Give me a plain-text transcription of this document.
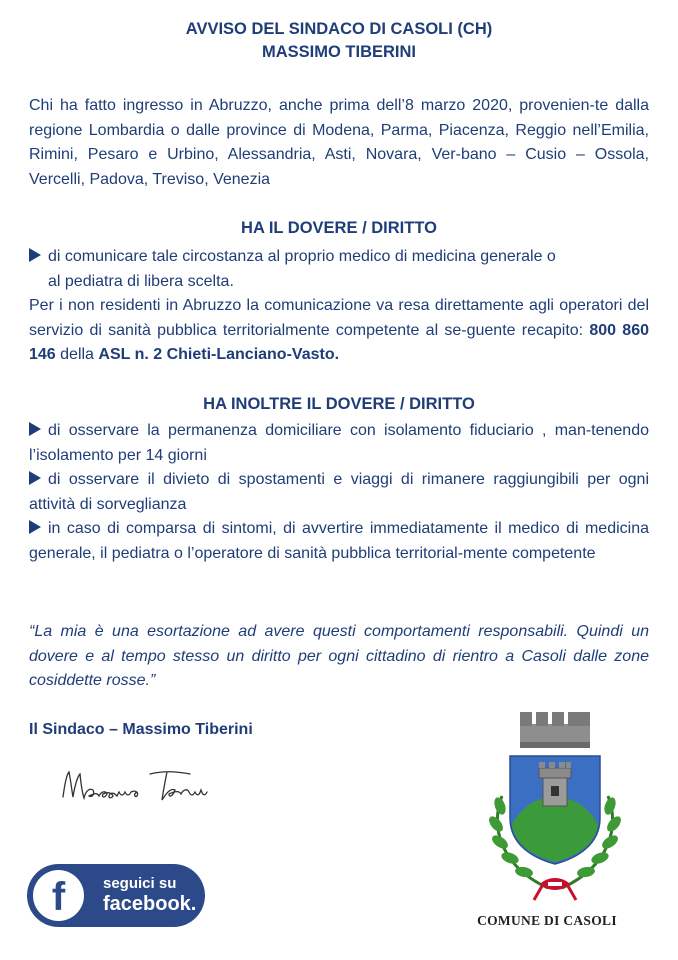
AVVISO DEL SINDACO DI CASOLI (CH)
MASSIMO TIBERINI
Chi ha fatto ingresso in Abruzzo, anche prima dell’8 marzo 2020, provenien-te dalla regione Lombardia o dalle province di Modena, Parma, Piacenza, Reggio nell’Emilia, Rimini, Pesaro e Urbino, Alessandria, Asti, Novara, Ver-bano – Cusio – Ossola, Vercelli, Padova, Treviso, Venezia
HA IL DOVERE / DIRITTO
di comunicare tale circostanza al proprio medico di medicina generale o
al pediatra di libera scelta.
Per i non residenti in Abruzzo la comunicazione va resa direttamente agli operatori del servizio di sanità pubblica territorialmente competente al se-guente recapito: 800 860 146 della ASL n. 2 Chieti-Lanciano-Vasto.
HA INOLTRE IL DOVERE / DIRITTO
di osservare la permanenza domiciliare con isolamento fiduciario , man-tenendo l’isolamento per 14 giorni
di osservare il divieto di spostamenti e viaggi di rimanere raggiungibili per ogni attività di sorveglianza
in caso di comparsa di sintomi, di avvertire immediatamente il medico di medicina generale, il pediatra o l’operatore di sanità pubblica territorial-mente competente
“La mia è una esortazione ad avere questi comportamenti responsabili. Quindi un dovere e al tempo stesso un diritto per ogni cittadino di rientro a Casoli dalle zone cosiddette rosse.”
Il Sindaco – Massimo Tiberini
f	seguici su
facebook.
COMUNE DI CASOLI
